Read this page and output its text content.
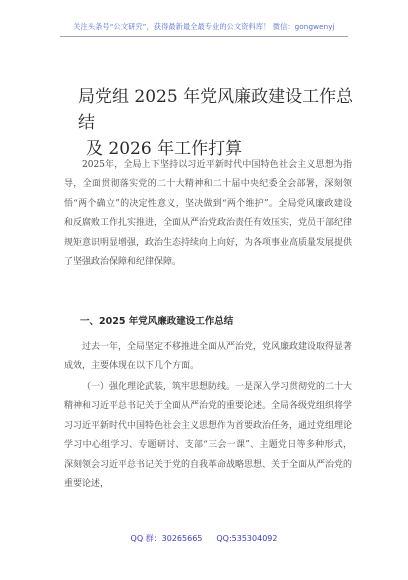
关注头条号“公文研究”，获得最新最全最专业的公文资料库！ 微信：gongwenyj
局党组 2025 年党风廉政建设工作总结
及 2026 年工作打算
2025年，全局上下坚持以习近平新时代中国特色社会主义思想为指导，全面贯彻落实党的二十大精神和二十届中央纪委全会部署，深刻领悟“两个确立”的决定性意义，坚决做到“两个维护”。全局党风廉政建设和反腐败工作扎实推进，全面从严治党政治责任有效压实，党员干部纪律规矩意识明显增强，政治生态持续向上向好，为各项事业高质量发展提供了坚强政治保障和纪律保障。
一、2025 年党风廉政建设工作总结
过去一年，全局坚定不移推进全面从严治党，党风廉政建设取得显著成效，主要体现在以下几个方面。
（一）强化理论武装，筑牢思想防线。一是深入学习贯彻党的二十大精神和习近平总书记关于全面从严治党的重要论述。全局各级党组织将学习习近平新时代中国特色社会主义思想作为首要政治任务，通过党组理论学习中心组学习、专题研讨、支部“三会一课”、主题党日等多种形式，深刻领会习近平总书记关于党的自我革命战略思想、关于全面从严治党的重要论述，
QQ 群：30265665 QQ:535304092
